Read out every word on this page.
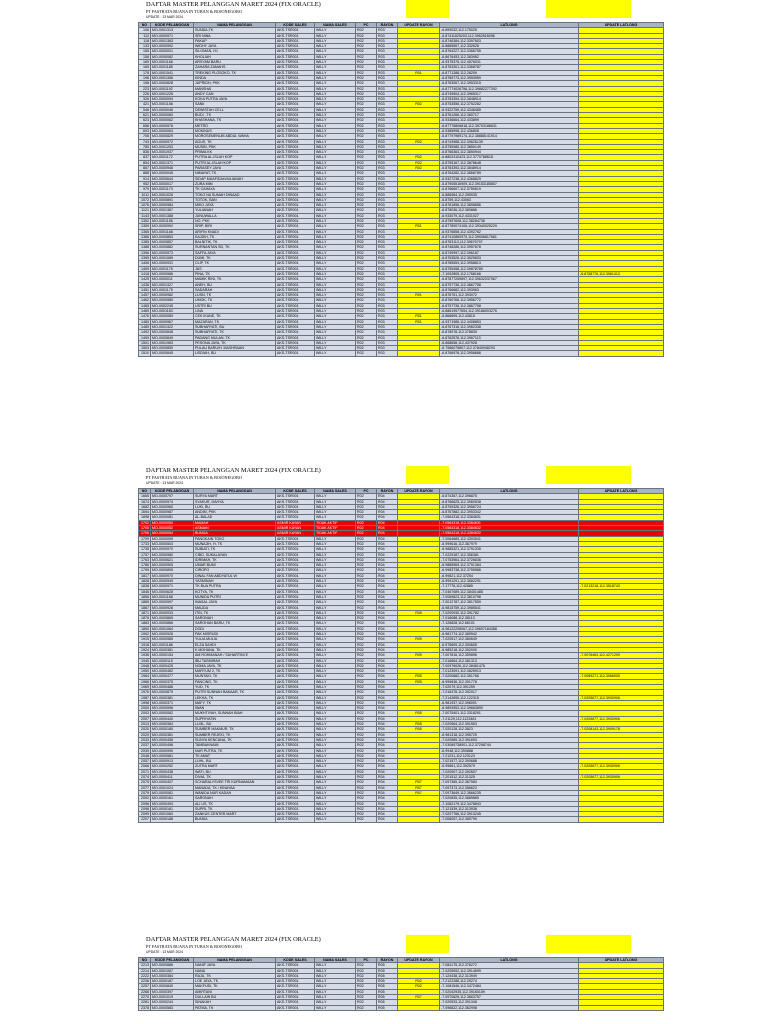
DAFTAR MASTER PELANGGAN MARET 2024 (FIX ORACLE)
PT FASTRATA BUANA IN TUBAN & BOJONEGORO
UPDATE : 13 MAR 2024
NO	KODE PELANGGAN	NAMA PELANGGAN	KODE SALES	NAMA SALES	PC	RAYON	UPDATE RAYON	LATLONG	UPDATE LATLONG
106	MO-0001313	SUNDA,TK	AKS-TSR001	WILLY	R02	R03		-6.899032,112.175025	
112	MO-0000971	SRI NINA	AKS-TSR001	WILLY	R02	R03		-6.87411825203,112.3962818496	
118	MO-0001363	PAKAP	AKS-TSR001	WILLY	R02	R03		-6.8746384,112.3397603	
133	MO-0000992	WIDHY JAYA	AKS-TSR001	WILLY	R02	R03		-6.8885567,112.332628	
155	MO-0000001	SILOMAN, HJ	AKS-TSR001	WILLY	R02	R03		-6.8764227,112.3366755	
158	MO-0000082	KHOLIAH	AKS-TSR001	WILLY	R02	R03		-6.8676453,112.383962	
169	MO-0001166	ARSYAM BARU	AKS-TSR001	WILLY	R02	R03		-6.9375375,112.4576031	
165	MO-0001185	ZAHARA ZAMAHS	AKS-TSR001	WILLY	R02	R03		-6.8763301,112.3368787	
176	MO-0001541	TREKING PLOSOKO, TK	AKS-TSR001	WILLY	R02	R03	R01	-6.8771288,112.28209	
196	MO-0001356	KINDA	AKS-TSR001	WILLY	R02	R03		-6.8765773,112.3953959	
198	MO-0000828	JUPRIDN, PKK	AKS-TSR001	WILLY	R02	R03		-6.8763067,112.3953315	
223	MO-0001192	MANSHAI	AKS-TSR001	WILLY	R02	R03		-6.87774026758,112.39882277392	
226	MO-0001226	ANDY CAN	AKS-TSR001	WILLY	R02	R03		-6.8749504,112.3965317	
326	MO-0000094	KOKA PUTRA JAYA	AKS-TSR001	WILLY	R02	R03		-6.8763394,112.3848914	
421	MO-0001158	SANII	AKS-TSR001	WILLY	R02	R03	R02	-6.8753556,112.3752282	
546	MO-0000046	DEWISTAH CELL	AKS-TSR001	WILLY	R02	R03		-6.9322759,112.4348465	
621	MO-0000060	BUDI , TK	AKS-TSR001	WILLY	R02	R03		-6.8761266,112.380717	
623	MO-0000062	KHASHANA, TK	AKS-TSR001	WILLY	R02	R03		-6.9336664,112.433899	
656	MO-0000976	METRO	AKS-TSR001	WILLY	R02	R03		-6.87776806818,112.39703186631	
693	MO-0000063	MOKINUS	AKS-TSR001	WILLY	R02	R03		-6.9385998,112.436808	
708	MO-0000829	MOROSEMENUM ABDUL WAHA	AKS-TSR001	WILLY	R02	R03		-6.87797989174,112.38888141914	
743	MO-0000972	AGUS, TK	AKS-TSR001	WILLY	R02	R03	R02	-6.8743988,112.39626139	
780	MO-0001253	MUSIN, PKK	AKS-TSR001	WILLY	R02	R03		-6.8755980,112.3850149	
836	MO-0001937	PRIMA KK	AKS-TSR001	WILLY	R02	R03		-6.8766363,112.3850944	
837	MO-0001172	PUTRA AL-ISLAH KOP	AKS-TSR001	WILLY	R02	R03	R02	-6.8802410423,112.3770788618	
854	MO-0001371	PUTRI AL-ISLAH KOP	AKS-TSR001	WILLY	R02	R03	R02	-6.8755167,112.3878648	
867	MO-0000946	PARASEY JAYA	AKS-TSR001	WILLY	R02	R03	R02	-6.8763393,112.3848914	
868	MO-0000045	NIMAYAT, TK	AKS-TSR001	WILLY	R02	R03		-6.8764282,112.3868789	
914	MO-0000644	SIDAP MUAFIDAH/AILIANAH	AKS-TSR001	WILLY	R02	R03		-6.9327238,112.4368829	
952	MO-0000017	ZURA MIM	AKS-TSR001	WILLY	R02	R03		-6.87905516909,112.39153185807	
979	MO-0001173	TK CAHAYA	AKS-TSR001	WILLY	R02	R03		-6.8766607,112.3759619	
1011	MO-0001026	TOKO NA SUMAH DINAAD	AKS-TSR001	WILLY	R02	R03		-6.886564,112.395935	
1072	MO-0000891	TOTOK, BAN	AKS-TSR001	WILLY	R02	R03		-6.8759,112.43063	
1076	MO-0000984	MIKO JAYA	AKS-TSR001	WILLY	R02	R03		-6.8761896,112.3898856	
1121	MO-0001367	YULIANAH	AKS-TSR001	WILLY	R02	R03		-6.878036,112.380886	
1143	MO-0001388	JUNUWALLA	AKS-TSR001	WILLY	R02	R03		-6.933079,112.4331027	
1352	MO-0001156	NO, PKK	AKS-TSR001	WILLY	R02	R03		-6.87597608,112.38284736	
1359	MO-0000992	SRIP, BIRI	AKS-TSR001	WILLY	R02	R03	R01	-6.87789074106,112.39340025229	
1365	MO-0001168	ARIFIN KNADI	AKS-TSR001	WILLY	R02	R03		-6.9376858,112.4392762	
1366	MO-0000853	KAJDIH, TK	AKS-TSR001	WILLY	R02	R03		-6.87410860979,112.39936817681	
1385	MO-0000857	BALNITIK, TK	AKS-TSR001	WILLY	R02	R03		-6.8763113,112.39676797	
1388	MO-0000882	SURNANTAN SD, TK	AKS-TSR001	WILLY	R02	R03		-6.8746286,112.3957678	
1396	MO-0000973	SAFFA JAYA	AKS-TSR001	WILLY	R02	R03		-6.8749997,112.396187	
1399	MO-0001089	DUMI, TK	AKS-TSR001	WILLY	R02	R03		-6.8763526,112.3625833	
1406	MO-0000931	CLIP, TK	AKS-TSR001	WILLY	R02	R03		-6.8765553,112.3958813	
1409	MO-0001175	JAS	AKS-TSR001	WILLY	R02	R03		-6.8755458,112.39878789	
1418	MO-0000986	PINA, TK	AKS-TSR001	WILLY	R02	R03		-7.1002805,112.1768166	-6.8758776,112.3961413
1425	MO-0000011	MAMIK RINI, TK	AKS-TSR001	WILLY	R02	R03		-6.87877269897,112.39632037067	
1438	MO-0001327	ANEH, BU	AKS-TSR001	WILLY	R02	R03		-6.8757736,112.3867758	
1451	MO-0001175	SADARAH	AKS-TSR001	WILLY	R02	R03		-6.8766682,112.393963	
1457	MO-0000982	LUSN, TK	AKS-TSR001	WILLY	R02	R03	R01	-6.876751,112.393072	
1462	MO-0000980	UMOK, TK	AKS-TSR001	WILLY	R02	R03		-6.8760766,112.3956772	
1465	MO-0002245	USTRI BU	AKS-TSR001	WILLY	R02	R03		-6.8757736,112.3867758	
1469	MO-0001163	LINA	AKS-TSR001	WILLY	R02	R03		-6.88619577654,112.39188003276	
1476	MO-0000089	CEK IKANE, TK	AKS-TSR001	WILLY	R02	R03	R01	-6.866899,112.43815	
1480	MO-0000967	MAZARAN, TK	AKS-TSR001	WILLY	R02	R03	R01	-6.9371986,112.4408853	
1489	MO-0001322	SUBHARYATI, BU	AKS-TSR001	WILLY	R02	R03		-6.8767316,112.3962338	
1492	MO-0000848	SUBHARYATI, TK	AKS-TSR001	WILLY	R02	R03		-6.878978,112.378839	
1499	MO-0000849	PADANG MULAN, TK	AKS-TSR001	WILLY	R02	R03		-6.8762578,112.3967113	
1501	MO-0001983	PESONA JAYA, TK	AKS-TSR001	WILLY	R02	R03		-6.868658,112.437928	
1503	MO-0000850	PULAU BARU/H. MASHRAAN	AKS-TSR001	WILLY	R02	R03		-6.7986075807,112.37840948293	
1510	MO-0000845	LISDIAH, BU	AKS-TSR001	WILLY	R02	R03		-6.8766978,112.3958686	
DAFTAR MASTER PELANGGAN MARET 2024 (FIX ORACLE)
PT FASTRATA BUANA IN TUBAN & BOJONEGORO
UPDATE : 13 MAR 2024
NO	KODE PELANGGAN	NAMA PELANGGAN	KODE SALES	NAMA SALES	PC	RAYON	UPDATE RAYON	LATLONG	UPDATE LATLONG
1665	MO-0000797	SURYA MART	AKS-TSR001	WILLY	R02	R04		-6.874367,112.396875	
1674	MO-0000974	SYAKUR, DAHYA	AKS-TSR001	WILLY	R02	R04		-6.8766625,112.3960538	
1682	MO-0000960	LUKI, BU	AKS-TSR001	WILLY	R02	R04		-6.8759326,112.3956724	
1694	MO-0000987	ANDIM, PKK	AKS-TSR001	WILLY	R02	R04		-6.8767882,112.3953342	
1698	MO-0000081	AL-BALAD	AKS-TSR001	WILLY	R02	R04		-7.0564318,112.3384631	
1702	MO-0000050	MAMAH	ASMIR KAYAN	TIDAK AKTIF	R02	R04		-7.0564318,112.3384631	
1705	MO-0000052	ASMAIN	ASMIR KAYAN	TIDAK AKTIF	R02	R04		-7.0564318,112.3384632	
1706	MO-0000054	BUNGA	ASMIR KAYAN	TIDAK AKTIF	R02	R04		-7.0564318,112.3384632	
1709	MO-0000099	PANGKAIN TOKO	AKS-TSR001	WILLY	R02	R04		-7.0064689,112.4393541	
1733	MO-0000503	MUNAJIH, H, TK	AKS-TSR001	WILLY	R02	R04		-6.999616,112.367979	
1735	MO-0000970	SUBIATI, TK	AKS-TSR001	WILLY	R02	R04		-6.9885321,112.3791335	
1757	MO-0000980	CIBO, SUKALAYAN	AKS-TSR001	WILLY	R02	R04		-7.0229187,112.356381	
1763	MO-0000621	IDRIMAH, TK	AKS-TSR001	WILLY	R02	R04		-7.0753964,112.3726836	
1786	MO-0000905	UMAR BUMI	AKS-TSR001	WILLY	R02	R04		-6.9885969,112.3791384	
1799	MO-0000895	CIROPO	AKS-TSR001	WILLY	R02	R04		-6.9983738,112.3759586	
1817	MO-0000970	DINAL FAN ABDYATUL W	AKS-TSR001	WILLY	R02	R04		-6.99821,112.37254	
1828	MO-0000949	YASMINAH	AKS-TSR001	WILLY	R02	R04		-6.9991291,112.3682291	
1838	MO-0000971	TK BUA PUTRA	AKS-TSR001	WILLY	R02	R04		-7.17776,112.42885	-7.0213218,112.3518743
1846	MO-0000628	KOTYA, TK	AKS-TSR001	WILLY	R02	R04		-7.0467089,112.38401485	
1856	MO-0001168	MUNIDA PUTRI	AKS-TSR001	WILLY	R02	R04		-7.0069823,112.3810798	
1865	MO-0000997	INASAL JAYA	AKS-TSR001	WILLY	R02	R04		-7.0012787,112.3817559	
1867	MO-0000928	MAUDA	AKS-TSR001	WILLY	R02	R04		-6.9815759,112.3985541	
1871	MO-0000933	ITIN, TK	AKS-TSR001	WILLY	R02	R04	R05	-7.0200930,112.391782	
1876	MO-0000865	SARONAH	AKS-TSR001	WILLY	R02	R04		-7.016088,112.38113	
1883	MO-0000866	SAROHAN BARU, TK	AKS-TSR001	WILLY	R02	R04		-7.126828,112.66101	
1890	MO-0001064	DODI	AKS-TSR001	WILLY	R02	R04		-6.98122208067,112.39697184388	
1902	MO-0000926	PAK MISRUDI	AKS-TSR001	WILLY	R02	R04		-6.981774,112.389542	
1915	MO-0000985	YULIA MULIA	AKS-TSR001	WILLY	R02	R04	R05	-7.020517,112.380649	
1918	MO-0001186	ELZA SAHDI	AKS-TSR001	WILLY	R02	R04		-6.975609,112.390605	
1924	MO-0000381	K MOHANA, TK	AKS-TSR001	WILLY	R02	R04		-6.985218,112.392000	
1936	MO-0000154	AM ROHMANAH / SUHARTINI E	AKS-TSR001	WILLY	R02	R04	R05	-7.007616,112.359896	-7.0076463,112.4271209
1945	MO-0000115	IBU TASMIRAH	AKS-TSR001	WILLY	R02	R04		-7.016864,112.381313	
1948	MO-0000425	NOMA JAYA, TK	AKS-TSR001	WILLY	R02	R04		-7.00976026,112.38461476	
1950	MO-0000482	MARYUM 2, TK	AKS-TSR001	WILLY	R02	R04		-7.0123091,112.3825913	
1964	MO-0000477	MUNTAKI, TK	AKS-TSR001	WILLY	R02	R04	R05	-7.0200882,112.351766	-7.0089271,112.3066905
1966	MO-0000375	PANCING, TK	AKS-TSR001	WILLY	R02	R04	R05	-6.999636,112.391778	
1969	MO-0000486	YUD, TK	AKS-TSR001	WILLY	R02	R04		-7.02079,112.391259	
1976	MO-0000879	PUTRI SUNNAH BAKAAR, TK	AKS-TSR001	WILLY	R02	R04		-7.016378,112.392017	
1987	MO-0000381	LEKHA, TK	AKS-TSR001	WILLY	R02	R04		-7.2142895,112.122315	-7.0205677,112.3930906
1998	MO-0000371	MAFY, TK	AKS-TSR001	WILLY	R02	R04		-6.981937,112.396001	
2000	MO-0000996	IWAN	AKS-TSR001	WILLY	R02	R04		-6.9893953,112.39683890	
2003	MO-0000082	MUKHTIYAH, SUNNAH BIAH	AKS-TSR001	WILLY	R02	R04	R05	-7.0075401,112.3318291	
2007	MO-0000440	SUPRIYATIN	AKS-TSR001	WILLY	R02	R04		-7.21129,112.1123481	-7.0205677,112.3930906
2013	MO-0000384	LUJIL, BU	AKS-TSR001	WILLY	R02	R04	R05	-7.020564,112.391553	
2020	MO-0000180	SUMBER MAKMUR, TK	AKS-TSR001	WILLY	R02	R04	R05	-7.020128,112.3823	-7.0208143,112.3909178
2029	MO-0000381	SUMBER REJEKI, TK	AKS-TSR001	WILLY	R02	R04		-6.981318,112.396725	
2033	MO-0000456	SUNYA KENCANA, TK	AKS-TSR001	WILLY	R02	R04		-7.020589,112.391693	
2037	MO-0000496	TAMBAKNAIM	AKS-TSR001	WILLY	R02	R04		-7.03089738901,112.37298744	
2039	MO-0000990	NUR PUTRA, TK	AKS-TSR001	WILLY	R02	R04		-6.9948,112.390888	
2046	MO-0000581	TK AMAT	AKS-TSR001	WILLY	R02	R04		-7.21231,112.123123	
2057	MO-0000913	LUHL, BU	AKS-TSR001	WILLY	R02	R04		-7.021577,112.390688	
2068	MO-0000252	ZUTRA MART	AKS-TSR001	WILLY	R02	R04		-6.99661,112.392579	-7.0205677,112.3930906
2071	MO-0000438	WATI, BU	AKS-TSR001	WILLY	R02	R04		-7.020907,112.392607	
2074	MO-0000411	DIVIA, TK	AKS-TSR001	WILLY	R02	R04		-7.201512,112.31325	-7.0205677,112.3930906
2075	MO-0000407	SCHARALYSVEE TRI KURNAMAAN	AKS-TSR001	WILLY	R02	R04	R07	-7.097365,112.367583	
2077	MO-0001024	MANADA, TK / KINAYAA	AKS-TSR001	WILLY	R02	R04	R07	-7.097373,112.356623	
2079	MO-0000081	WANIDA NUR KADAH	AKS-TSR001	WILLY	R02	R04	R07	-7.0973649,112.3666235	
2092	MO-0000161	SARONAH	AKS-TSR001	WILLY	R02	R04		-7.020835,112.3889885	
2096	MO-0000494	ALI US, TK	AKS-TSR001	WILLY	R02	R04		-7.1082179,112.3478843	
2098	MO-0000181	SUPRI, TK	AKS-TSR001	WILLY	R02	R04		-7.121539,112.313938	
2099	MO-0001060	ZANKUS CENTER MART	AKS-TSR001	WILLY	R02	R04		-7.0207766,112.3913245	
2207	MO-0000188	BUNDA	AKS-TSR001	WILLY	R02	R04		-7.006057,112.389799	
DAFTAR MASTER PELANGGAN MARET 2024 (FIX ORACLE)
PT FASTRATA BUANA IN TUBAN & BOJONEGORO
UPDATE : 13 MAR 2024
NO	KODE PELANGGAN	NAMA PELANGGAN	KODE SALES	NAMA SALES	PC	RAYON	UPDATE RAYON	LATLONG	UPDATE LATLONG
2213	MO-0000886	NANIF JAYA	AKS-TSR001	WILLY	R02	R05		-7.084175,112.376272	
2214	MO-0001067	NANA	AKS-TSR001	WILLY	R02	R05		-7.0205592,112.3914699	
2222	MO-0000384	RAJU, TK	AKS-TSR001	WILLY	R02	R05		-7.124438,112.313949	
2236	MO-0000187	LOE JAYA, TK	AKS-TSR001	WILLY	R02	R05	R02	-7.2122288,112.29274	
2257	MO-0000840	MAKFUDI, TK	AKS-TSR001	WILLY	R02	R05	R02	-7.1081546,112.3472484	
2268	MO-0000397	AMIRTANI	AKS-TSR001	WILLY	R02	R05		-7.02042935,112.39160159	
2270	MO-0001019	DULLAIN BU	AKS-TSR001	WILLY	R02	R05	R07	-7.0970629,112.3663757	
2281	MO-0000244	SINAKAH	AKS-TSR001	WILLY	R02	R05		-7.020533,112.391348	
2378	MO-0000583	PATMA, TK	AKS-TSR001	WILLY	R02	R05		-7.096822,112.362998	
